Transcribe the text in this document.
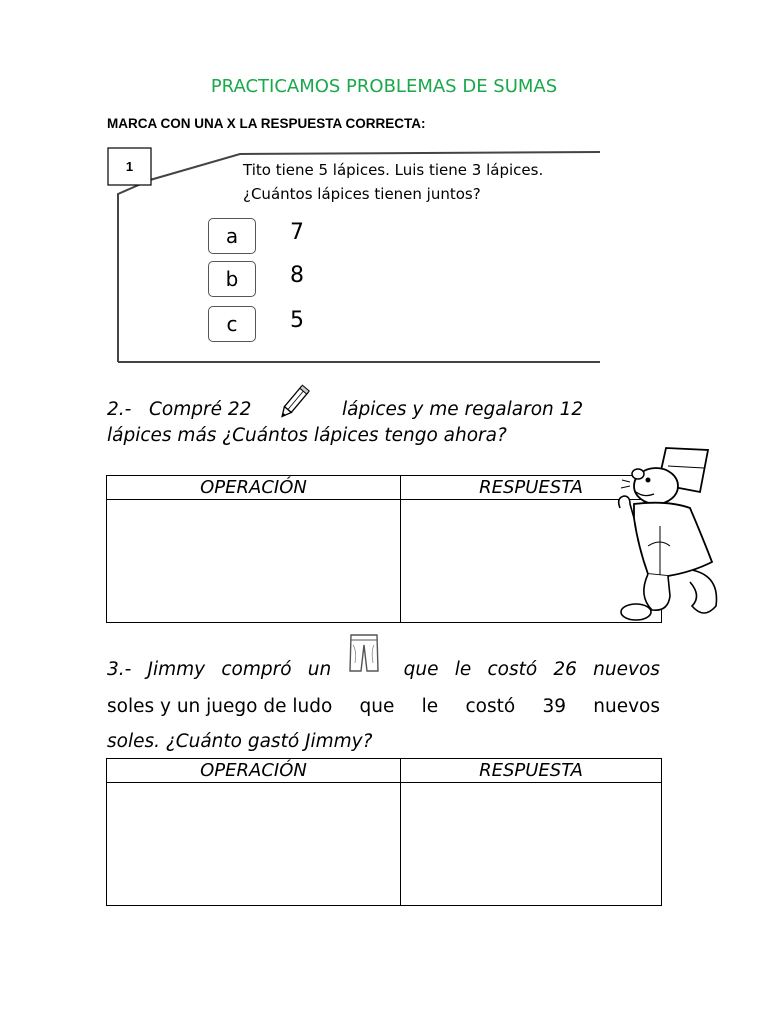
PRACTICAMOS PROBLEMAS DE SUMAS
MARCA CON UNA X LA RESPUESTA CORRECTA:
1	Tito tiene 5 lápices. Luis tiene 3 lápices.
¿Cuántos lápices tienen juntos?
a	7
b	8
c	5
2.-   Compré 22	lápices y me regalaron 12
lápices más ¿Cuántos lápices tengo ahora?
OPERACIÓN	RESPUESTA

3.- Jimmy compró un	que le costó 26 nuevos
soles y un juego de ludo que le costó 39 nuevos
soles. ¿Cuánto gastó Jimmy?
OPERACIÓN	RESPUESTA
